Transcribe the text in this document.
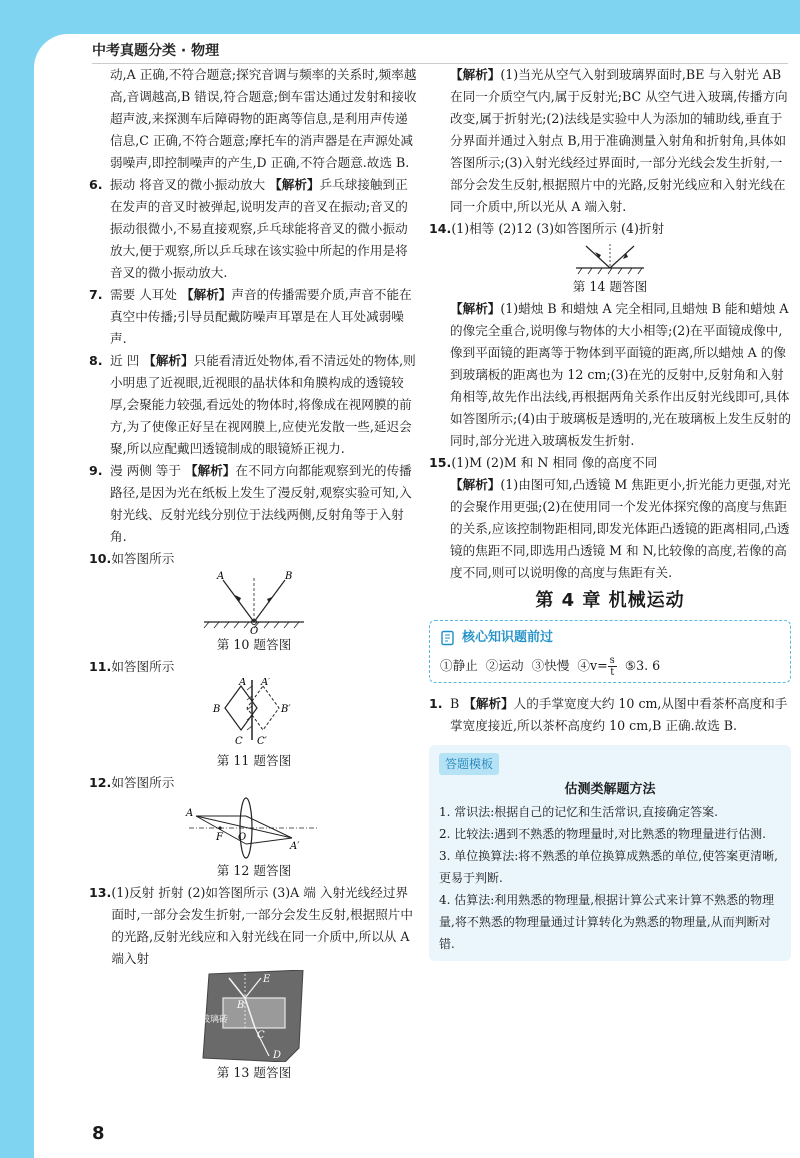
中考真题分类 · 物理
动,A 正确,不符合题意;探究音调与频率的关系时,频率越高,音调越高,B 错误,符合题意;倒车雷达通过发射和接收超声波,来探测车后障碍物的距离等信息,是利用声传递信息,C 正确,不符合题意;摩托车的消声器是在声源处减弱噪声,即控制噪声的产生,D 正确,不符合题意.故选 B.
6. 振动 将音叉的微小振动放大 【解析】乒乓球接触到正在发声的音叉时被弹起,说明发声的音叉在振动;音叉的振动很微小,不易直接观察,乒乓球能将音叉的微小振动放大,便于观察,所以乒乓球在该实验中所起的作用是将音叉的微小振动放大.
7. 需要 人耳处 【解析】声音的传播需要介质,声音不能在真空中传播;引导员配戴防噪声耳罩是在人耳处减弱噪声.
8. 近 凹 【解析】只能看清近处物体,看不清远处的物体,则小明患了近视眼,近视眼的晶状体和角膜构成的透镜较厚,会聚能力较强,看远处的物体时,将像成在视网膜的前方,为了使像正好呈在视网膜上,应使光发散一些,延迟会聚,所以应配戴凹透镜制成的眼镜矫正视力.
9. 漫 两侧 等于 【解析】在不同方向都能观察到光的传播路径,是因为光在纸板上发生了漫反射,观察实验可知,入射光线、反射光线分别位于法线两侧,反射角等于入射角.
10. 如答图所示
A	B
O
第 10 题答图
11. 如答图所示
A A′
B	B′
C C′
第 11 题答图
12. 如答图所示
A
F O
A′
第 12 题答图
13. (1)反射 折射 (2)如答图所示 (3)A 端 入射光线经过界面时,一部分会发生折射,一部分会发生反射,根据照片中的光路,反射光线应和入射光线在同一介质中,所以从 A 端入射
E
B
C
D
玻璃砖
第 13 题答图
【解析】(1)当光从空气入射到玻璃界面时,BE 与入射光 AB 在同一介质空气内,属于反射光;BC 从空气进入玻璃,传播方向改变,属于折射光;(2)法线是实验中人为添加的辅助线,垂直于分界面并通过入射点 B,用于准确测量入射角和折射角,具体如答图所示;(3)入射光线经过界面时,一部分光线会发生折射,一部分会发生反射,根据照片中的光路,反射光线应和入射光线在同一介质中,所以光从 A 端入射.
14. (1)相等 (2)12 (3)如答图所示 (4)折射
第 14 题答图
【解析】(1)蜡烛 B 和蜡烛 A 完全相同,且蜡烛 B 能和蜡烛 A 的像完全重合,说明像与物体的大小相等;(2)在平面镜成像中,像到平面镜的距离等于物体到平面镜的距离,所以蜡烛 A 的像到玻璃板的距离也为 12 cm;(3)在光的反射中,反射角和入射角相等,故先作出法线,再根据两角关系作出反射光线即可,具体如答图所示;(4)由于玻璃板是透明的,光在玻璃板上发生反射的同时,部分光进入玻璃板发生折射.
15. (1)M (2)M 和 N 相同 像的高度不同
【解析】(1)由图可知,凸透镜 M 焦距更小,折光能力更强,对光的会聚作用更强;(2)在使用同一个发光体探究像的高度与焦距的关系,应该控制物距相同,即发光体距凸透镜的距离相同,凸透镜的焦距不同,即选用凸透镜 M 和 N,比较像的高度,若像的高度不同,则可以说明像的高度与焦距有关.
第 4 章 机械运动
核心知识题前过
①静止 ②运动 ③快慢 ④v= $\frac{s}{t}$ ⑤3. 6
1. B 【解析】人的手掌宽度大约 10 cm,从图中看茶杯高度和手掌宽度接近,所以茶杯高度约 10 cm,B 正确.故选 B.
答题模板
估测类解题方法
1. 常识法:根据自己的记忆和生活常识,直接确定答案.
2. 比较法:遇到不熟悉的物理量时,对比熟悉的物理量进行估测.
3. 单位换算法:将不熟悉的单位换算成熟悉的单位,使答案更清晰,更易于判断.
4. 估算法:利用熟悉的物理量,根据计算公式来计算不熟悉的物理量,将不熟悉的物理量通过计算转化为熟悉的物理量,从而判断对错.
8
